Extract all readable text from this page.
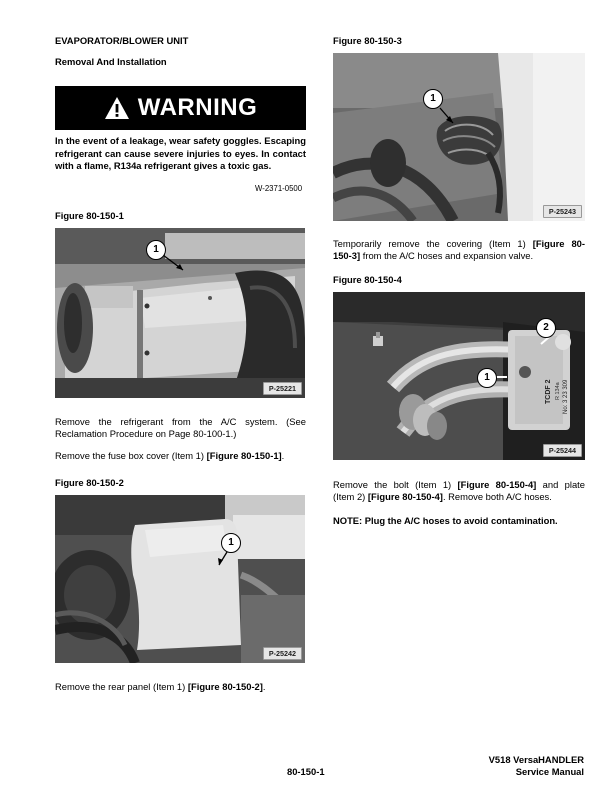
EVAPORATOR/BLOWER UNIT
Removal And Installation
WARNING
In the event of a leakage, wear safety goggles. Escaping refrigerant can cause severe injuries to eyes. In contact with a flame, R134a refrigerant gives a toxic gas.
W-2371-0500
Figure 80-150-1
1
P-25221
Remove the refrigerant from the A/C system. (See
Reclamation Procedure on Page 80-100-1.)
Remove the fuse box cover (Item 1) [Figure 80-150-1].
Figure 80-150-2
1
P-25242
Remove the rear panel (Item 1) [Figure 80-150-2].
Figure 80-150-3
1
P-25243
Temporarily remove the covering (Item 1) [Figure 80-
150-3] from the A/C hoses and expansion valve.
Figure 80-150-4
TCDF 2 R 134a No: 3 23 309
1
2
P-25244
Remove the bolt (Item 1) [Figure 80-150-4] and plate
(Item 2) [Figure 80-150-4]. Remove both A/C hoses.
NOTE: Plug the A/C hoses to avoid contamination.
80-150-1
V518 VersaHANDLER
Service Manual
